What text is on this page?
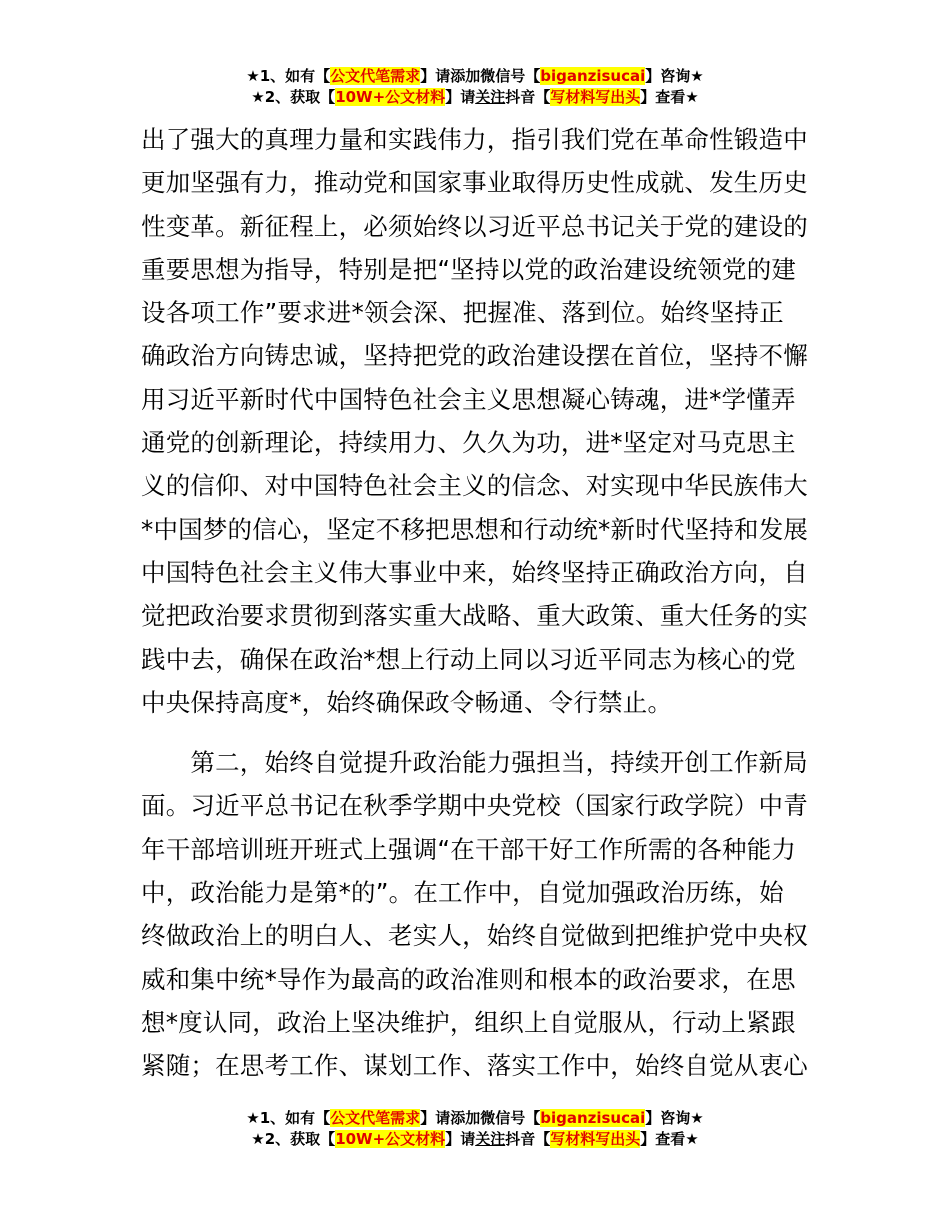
★1、如有【公文代笔需求】请添加微信号【biganzisucai】咨询★
★2、获取【10W+公文材料】请关注抖音【写材料写出头】查看★
出了强大的真理力量和实践伟力，指引我们党在革命性锻造中
更加坚强有力，推动党和国家事业取得历史性成就、发生历史
性变革。新征程上，必须始终以习近平总书记关于党的建设的
重要思想为指导，特别是把“坚持以党的政治建设统领党的建
设各项工作”要求进*领会深、把握准、落到位。始终坚持正
确政治方向铸忠诚，坚持把党的政治建设摆在首位，坚持不懈
用习近平新时代中国特色社会主义思想凝心铸魂，进*学懂弄
通党的创新理论，持续用力、久久为功，进*坚定对马克思主
义的信仰、对中国特色社会主义的信念、对实现中华民族伟大
*中国梦的信心，坚定不移把思想和行动统*新时代坚持和发展
中国特色社会主义伟大事业中来，始终坚持正确政治方向，自
觉把政治要求贯彻到落实重大战略、重大政策、重大任务的实
践中去，确保在政治*想上行动上同以习近平同志为核心的党
中央保持高度*，始终确保政令畅通、令行禁止。
　　第二，始终自觉提升政治能力强担当，持续开创工作新局
面。习近平总书记在秋季学期中央党校（国家行政学院）中青
年干部培训班开班式上强调“在干部干好工作所需的各种能力
中，政治能力是第*的”。在工作中，自觉加强政治历练，始
终做政治上的明白人、老实人，始终自觉做到把维护党中央权
威和集中统*导作为最高的政治准则和根本的政治要求，在思
想*度认同，政治上坚决维护，组织上自觉服从，行动上紧跟
紧随；在思考工作、谋划工作、落实工作中，始终自觉从衷心
★1、如有【公文代笔需求】请添加微信号【biganzisucai】咨询★
★2、获取【10W+公文材料】请关注抖音【写材料写出头】查看★
